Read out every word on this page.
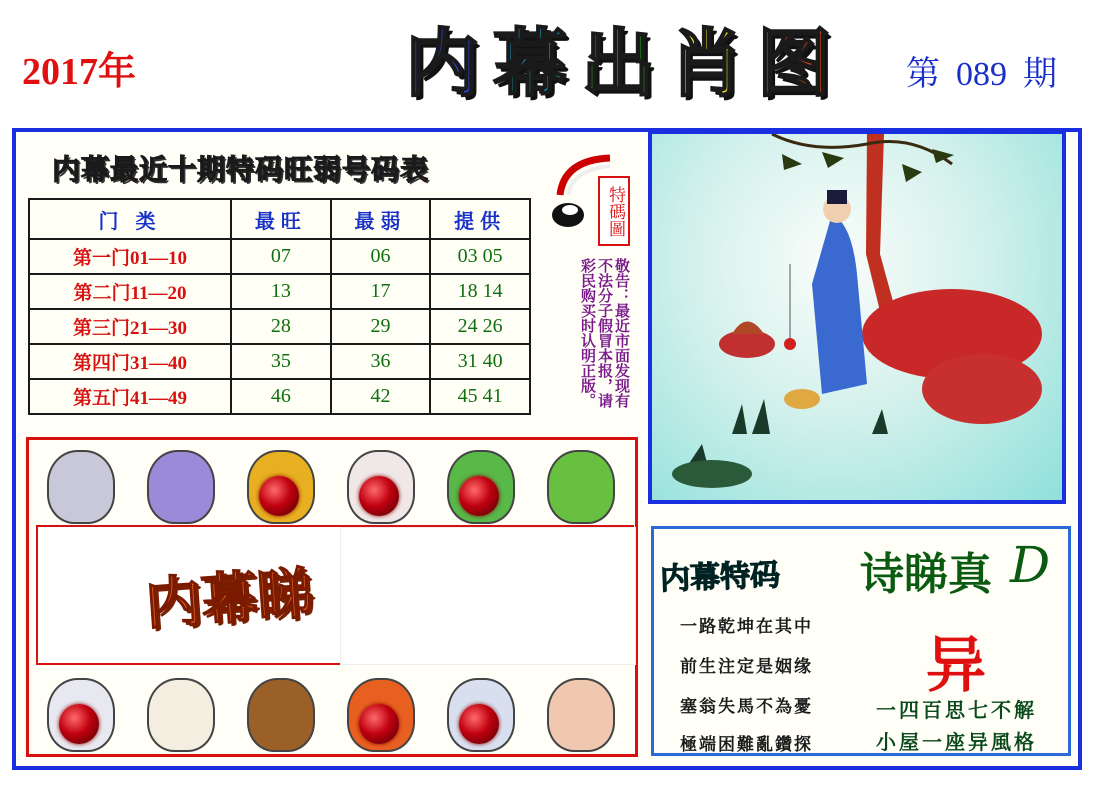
2017年	内 幕 出 肖 图 第 089 期
内幕最近十期特码旺弱号码表
门 类	最旺	最弱	提供
第一门01—10	07	06	03 05
第二门11—20	13	17	18 14
第三门21—30	28	29	24 26
第四门31—40	35	36	31 40
第五门41—49	46	42	45 41
特碼圖
敬告：最近市面发现有不法分子假冒本报，请彩民购买时认明正版。
内幕睇	内幕特码 诗睇真 D
异
一路乾坤在其中
前生注定是姻缘
塞翁失馬不為憂
極端困難亂鑽探
一四百思七不解
小屋一座异風格
